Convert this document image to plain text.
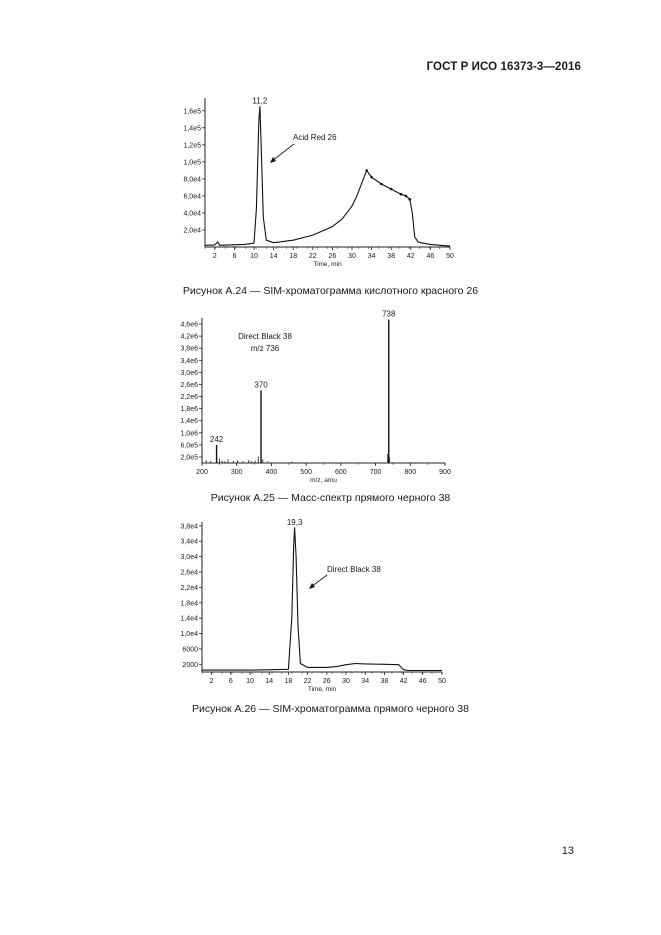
ГОСТ Р ИСО 16373-3—2016
2,0e4
4,0e4
6,0e4
8,0e4
1,0e5
1,2e5
1,4e5
1,6e5
2 6 10 14 18 22 26 30 34 38 42 46 50
Time, min
11,2
Acid Red 26
Рисунок А.24 — SIM-хроматограмма кислотного красного 26
2,0e5
6,0e5
1,0e6
1,4e6
1,8e6
2,2e6
2,6e6
3,0e6
3,4e6
3,8e6
4,2e6
4,6e6
200	300	400	500	600	700	800	900
m/z, amu
242
370
738
Direct Black 38
m/z 736
Рисунок А.25 — Масс-спектр прямого черного 38
2000
6000
1,0e4
1,4e4
1,8e4
2,2e4
2,6e4
3,0e4
3,4e4
3,8e4
2 6 10 14 18 22 26 30 34 38 42 46 50
Time, min
19,3
Direct Black 38
Рисунок А.26 — SIM-хроматограмма прямого черного 38
13
